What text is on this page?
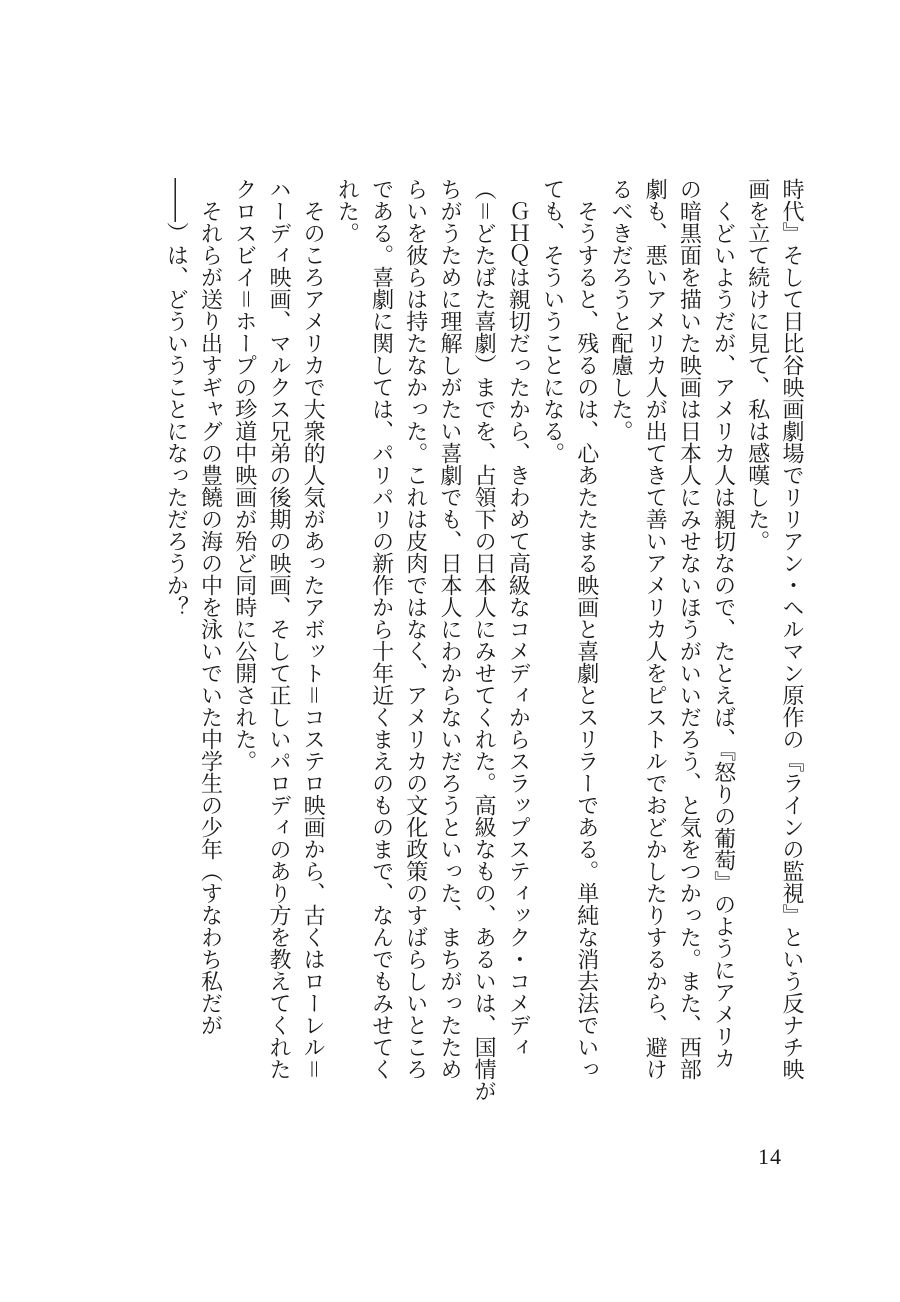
時代』そして日比谷映画劇場でリリアン・ヘルマン原作の『ラインの監視』という反ナチ映
画を立て続けに見て、私は感嘆した。
くどいようだが、アメリカ人は親切なので、たとえば、『怒りの葡萄』のようにアメリカ
の暗黒面を描いた映画は日本人にみせないほうがいいだろう、と気をつかった。また、西部
劇も、悪いアメリカ人が出てきて善いアメリカ人をピストルでおどかしたりするから、避け
るべきだろうと配慮した。
そうすると、残るのは、心あたたまる映画と喜劇とスリラーである。単純な消去法でいっ
ても、そういうことになる。
ＧＨＱは親切だったから、きわめて高級なコメディからスラップスティック・コメディ
（＝どたばた喜劇）までを、占領下の日本人にみせてくれた。高級なもの、あるいは、国情が
ちがうために理解しがたい喜劇でも、日本人にわからないだろうといった、まちがったため
らいを彼らは持たなかった。これは皮肉ではなく、アメリカの文化政策のすばらしいところ
である。喜劇に関しては、パリパリの新作から十年近くまえのものまで、なんでもみせてく
れた。
そのころアメリカで大衆的人気があったアボット＝コステロ映画から、古くはローレル＝
ハーディ映画、マルクス兄弟の後期の映画、そして正しいパロディのあり方を教えてくれた
クロスビイ＝ホープの珍道中映画が殆ど同時に公開された。
それらが送り出すギャグの豊饒の海の中を泳いでいた中学生の少年（すなわち私だが
――）は、どういうことになっただろうか？
14
